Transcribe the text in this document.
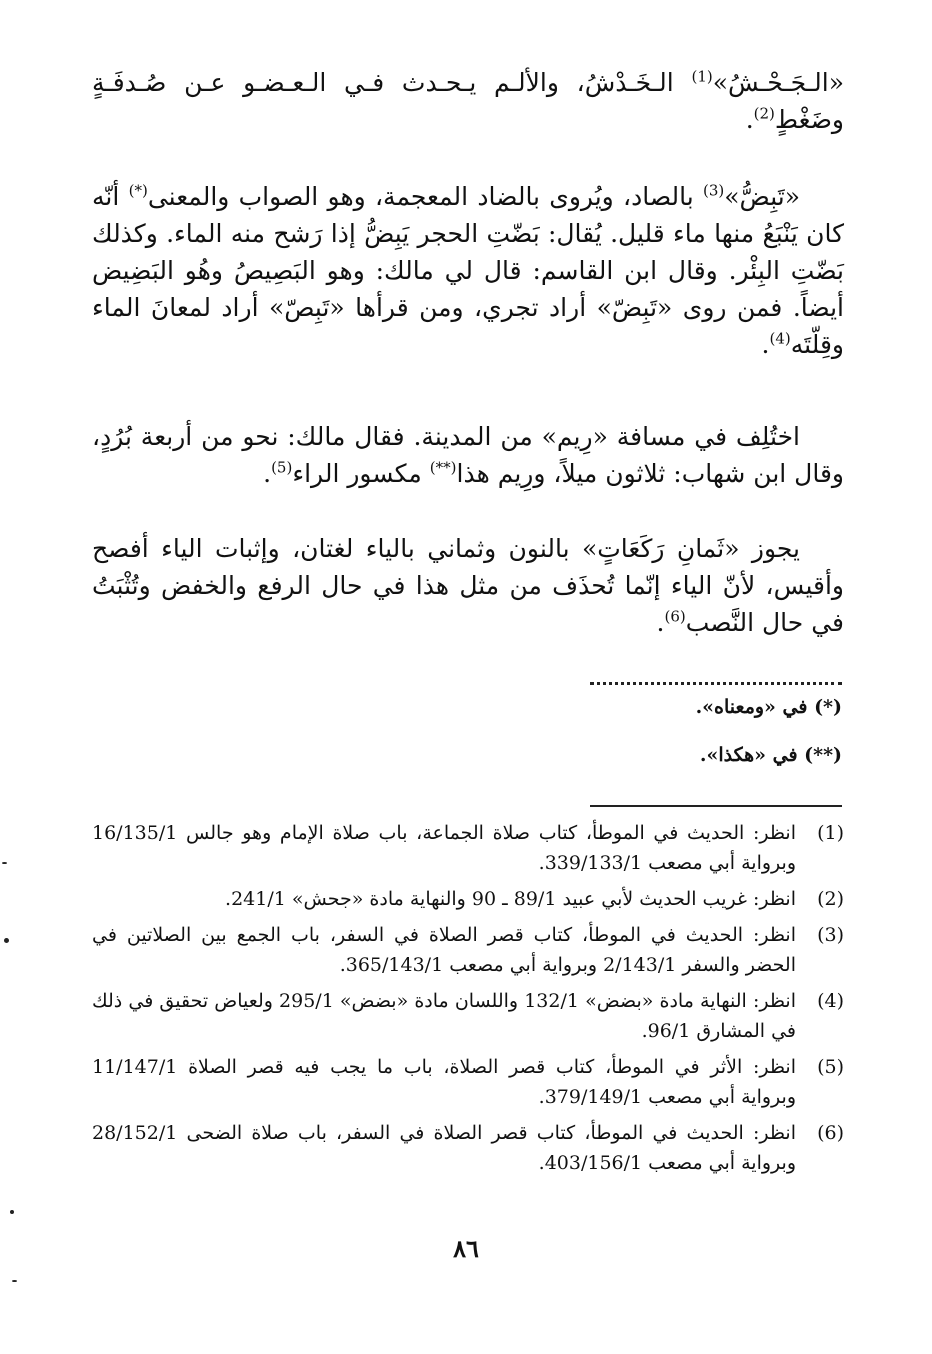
«الـجَـحْـشُ»$^{(1)}$ الـخَـدْشُ، والألـم يـحـدث فـي الـعـضـو عـن صُـدفَـةٍ وضَغْطٍ$^{(2)}$.
«تَبِضُّ»$^{(3)}$ بالصاد، ويُروى بالضاد المعجمة، وهو الصواب والمعنى(*) أنّه كان يَنْبَعُ منها ماء قليل. يُقال: بَضّتِ الحجر يَبِضُّ إذا رَشح منه الماء. وكذلك بَضّتِ البِئْر. وقال ابن القاسم: قال لي مالك: وهو البَصِيصُ وهُو البَضِيض أيضاً. فمن روى «تَبِضّ» أراد تجري، ومن قرأها «تَبِصّ» أراد لمعانَ الماء وقِلّتَه$^{(4)}$.
اختُلِف في مسافة «رِيم» من المدينة. فقال مالك: نحو من أربعة بُرُدٍ، وقال ابن شهاب: ثلاثون ميلاً، ورِيم هذا(**) مكسور الراء$^{(5)}$.
يجوز «ثَمانِ رَكَعَاتٍ» بالنون وثماني بالياء لغتان، وإثبات الياء أفصح وأقيس، لأنّ الياء إنّما تُحذَف من مثل هذا في حال الرفع والخفض وتُثْبَتُ في حال النَّصب$^{(6)}$.
(*) في «ومعناه».
(**) في «هكذا».
(1)
انظر: الحديث في الموطأ، كتاب صلاة الجماعة، باب صلاة الإمام وهو جالس 16/135/1 وبرواية أبي مصعب 339/133/1.
(2)
انظر: غريب الحديث لأبي عبيد 89/1 ـ 90 والنهاية مادة «جحش» 241/1.
(3)
انظر: الحديث في الموطأ، كتاب قصر الصلاة في السفر، باب الجمع بين الصلاتين في الحضر والسفر 2/143/1 وبرواية أبي مصعب 365/143/1.
(4)
انظر: النهاية مادة «بضض» 132/1 واللسان مادة «بضض» 295/1 ولعياض تحقيق في ذلك في المشارق 96/1.
(5)
انظر: الأثر في الموطأ، كتاب قصر الصلاة، باب ما يجب فيه قصر الصلاة 11/147/1 وبرواية أبي مصعب 379/149/1.
(6)
انظر: الحديث في الموطأ، كتاب قصر الصلاة في السفر، باب صلاة الضحى 28/152/1 وبرواية أبي مصعب 403/156/1.
٨٦
